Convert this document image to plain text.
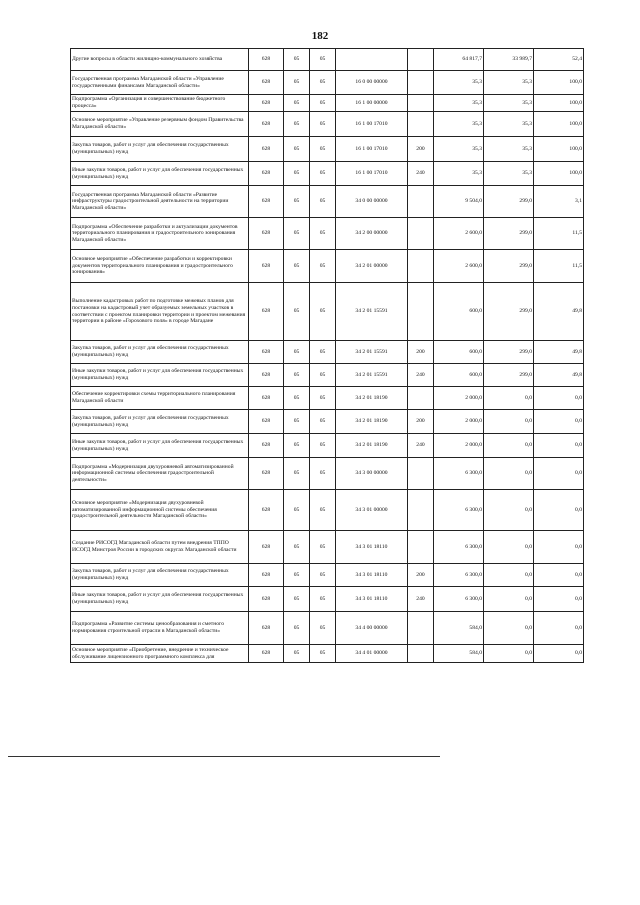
182
Другие вопросы в области жилищно-коммунального хозяйства	628	05	05			64 817,7	33 989,7	52,4
Государственная программа Магаданской области «Управление государственными финансами Магаданской области»	628	05	05	16 0 00 00000		35,3	35,3	100,0
Подпрограмма «Организация и совершенствование бюджетного процесса»	628	05	05	16 1 00 00000		35,3	35,3	100,0
Основное мероприятие «Управление резервным фондом Правительства Магаданской области»	628	05	05	16 1 00 17010		35,3	35,3	100,0
Закупка товаров, работ и услуг для обеспечения государственных (муниципальных) нужд	628	05	05	16 1 00 17010	200	35,3	35,3	100,0
Иные закупки товаров, работ и услуг для обеспечения государственных (муниципальных) нужд	628	05	05	16 1 00 17010	240	35,3	35,3	100,0
Государственная программа Магаданской области «Развитие инфраструктуры градостроительной деятельности на территории Магаданской области»	628	05	05	34 0 00 00000		9 504,0	299,0	3,1
Подпрограмма «Обеспечение разработки и актуализации документов территориального планирования и градостроительного зонирования Магаданской области»	628	05	05	34 2 00 00000		2 600,0	299,0	11,5
Основное мероприятие «Обеспечение разработки и корректировки документов территориального планирования и градостроительного зонирования»	628	05	05	34 2 01 00000		2 600,0	299,0	11,5
Выполнение кадастровых работ по подготовке межевых планов для постановки на кадастровый учет образуемых земельных участков в соответствии с проектом планировки территории и проектом межевания территории в районе «Горохового поля» в городе Магадане	628	05	05	34 2 01 15591		600,0	299,0	49,8
Закупка товаров, работ и услуг для обеспечения государственных (муниципальных) нужд	628	05	05	34 2 01 15591	200	600,0	299,0	49,8
Иные закупки товаров, работ и услуг для обеспечения государственных (муниципальных) нужд	628	05	05	34 2 01 15591	240	600,0	299,0	49,8
Обеспечение корректировки схемы территориального планирования Магаданской области	628	05	05	34 2 01 18190		2 000,0	0,0	0,0
Закупка товаров, работ и услуг для обеспечения государственных (муниципальных) нужд	628	05	05	34 2 01 18190	200	2 000,0	0,0	0,0
Иные закупки товаров, работ и услуг для обеспечения государственных (муниципальных) нужд	628	05	05	34 2 01 18190	240	2 000,0	0,0	0,0
Подпрограмма «Модернизация двухуровневой автоматизированной информационной системы обеспечения градостроительной деятельности»	628	05	05	34 3 00 00000		6 300,0	0,0	0,0
Основное мероприятие «Модернизация двухуровневой автоматизированной информационной системы обеспечения градостроительной деятельности Магаданской области»	628	05	05	34 3 01 00000		6 300,0	0,0	0,0
Создание РИСОГД Магаданской области путем внедрения ТППО ИСОГД Минстроя России в городских округах Магаданской области	628	05	05	34 3 01 18110		6 300,0	0,0	0,0
Закупка товаров, работ и услуг для обеспечения государственных (муниципальных) нужд	628	05	05	34 3 01 18110	200	6 300,0	0,0	0,0
Иные закупки товаров, работ и услуг для обеспечения государственных (муниципальных) нужд	628	05	05	34 3 01 18110	240	6 300,0	0,0	0,0
Подпрограмма «Развитие системы ценообразования и сметного нормирования строительной отрасли в Магаданской области»	628	05	05	34 4 00 00000		584,0	0,0	0,0
Основное мероприятие «Приобретение, внедрение и техническое обслуживание лицензионного программного комплекса для	628	05	05	34 4 01 00000		584,0	0,0	0,0
